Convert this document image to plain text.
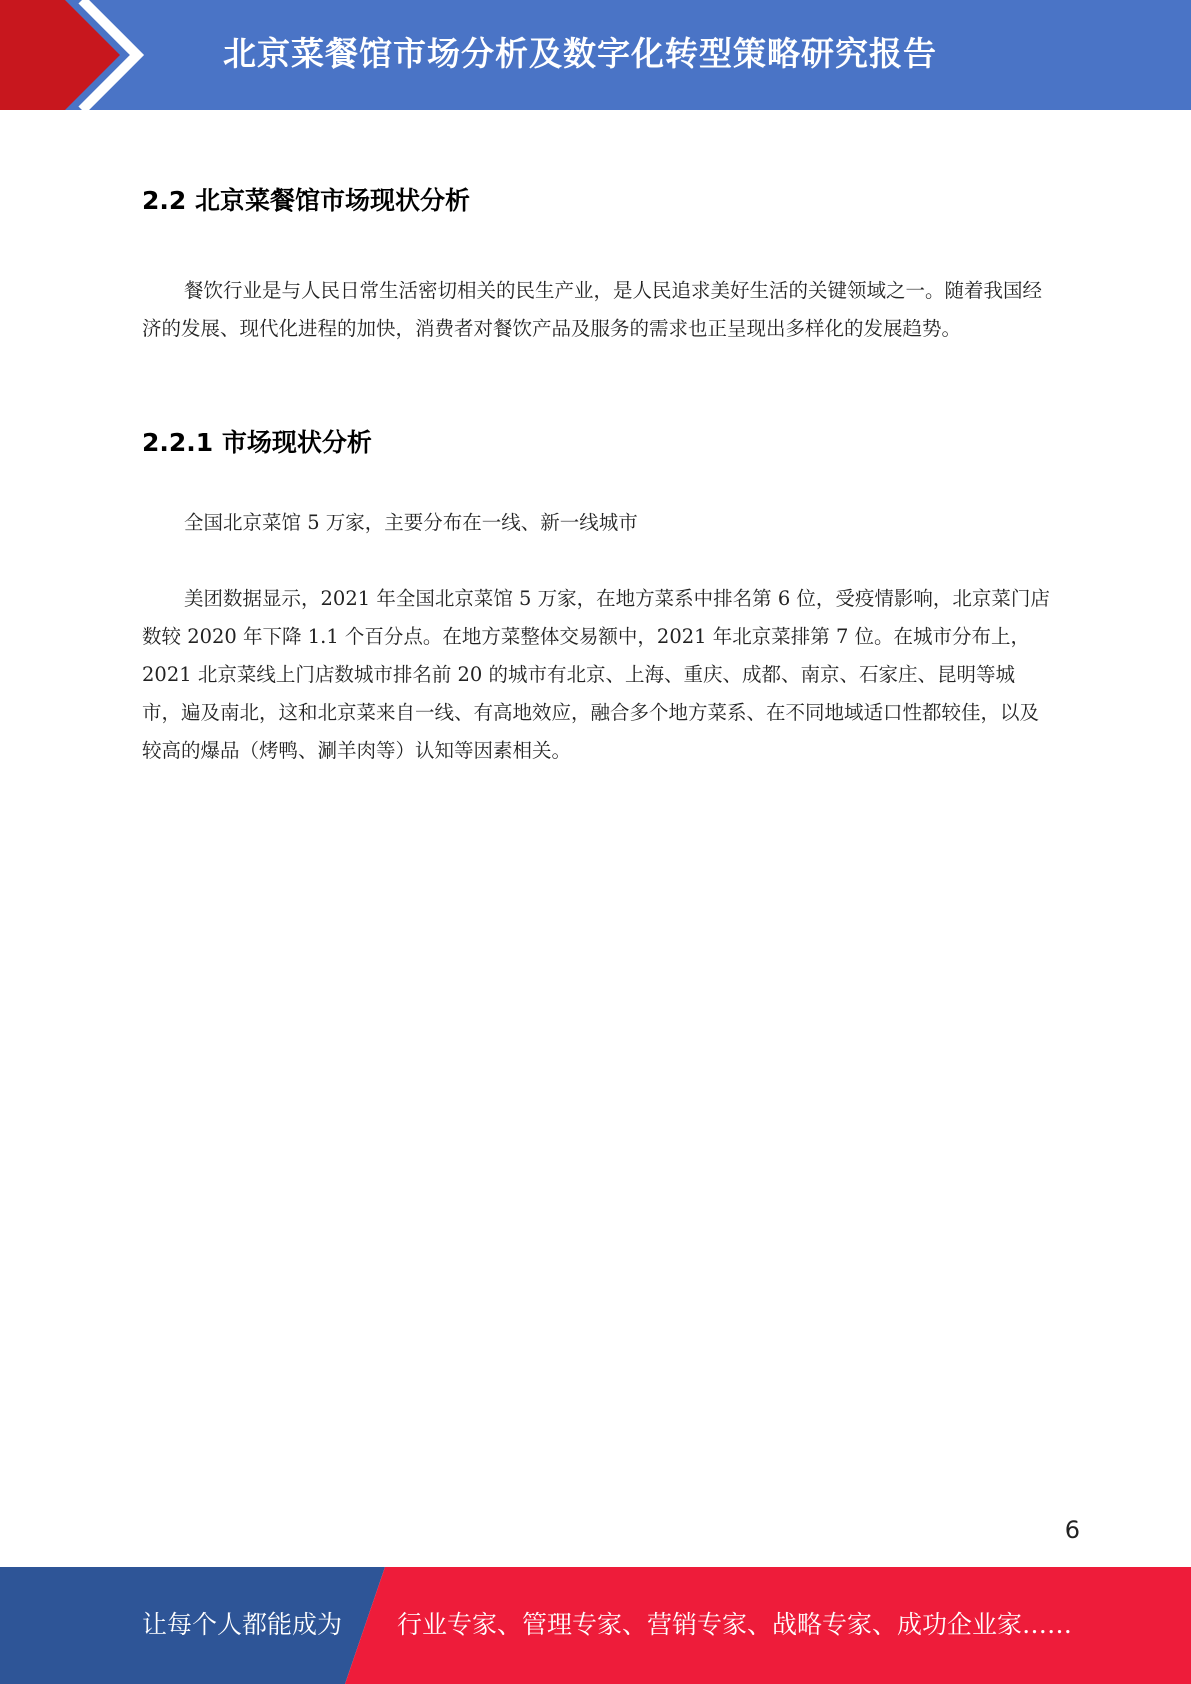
北京菜餐馆市场分析及数字化转型策略研究报告
2.2 北京菜餐馆市场现状分析

餐饮行业是与人民日常生活密切相关的民生产业，是人民追求美好生活的关键领域之一。随着我国经济的发展、现代化进程的加快，消费者对餐饮产品及服务的需求也正呈现出多样化的发展趋势。

2.2.1 市场现状分析

全国北京菜馆 5 万家，主要分布在一线、新一线城市

美团数据显示，2021 年全国北京菜馆 5 万家，在地方菜系中排名第 6 位，受疫情影响，北京菜门店数较 2020 年下降 1.1 个百分点。在地方菜整体交易额中，2021 年北京菜排第 7 位。在城市分布上，2021 北京菜线上门店数城市排名前 20 的城市有北京、上海、重庆、成都、南京、石家庄、昆明等城市，遍及南北，这和北京菜来自一线、有高地效应，融合多个地方菜系、在不同地域适口性都较佳，以及较高的爆品（烤鸭、涮羊肉等）认知等因素相关。

6
让每个人都能成为 行业专家、管理专家、营销专家、战略专家、成功企业家……
